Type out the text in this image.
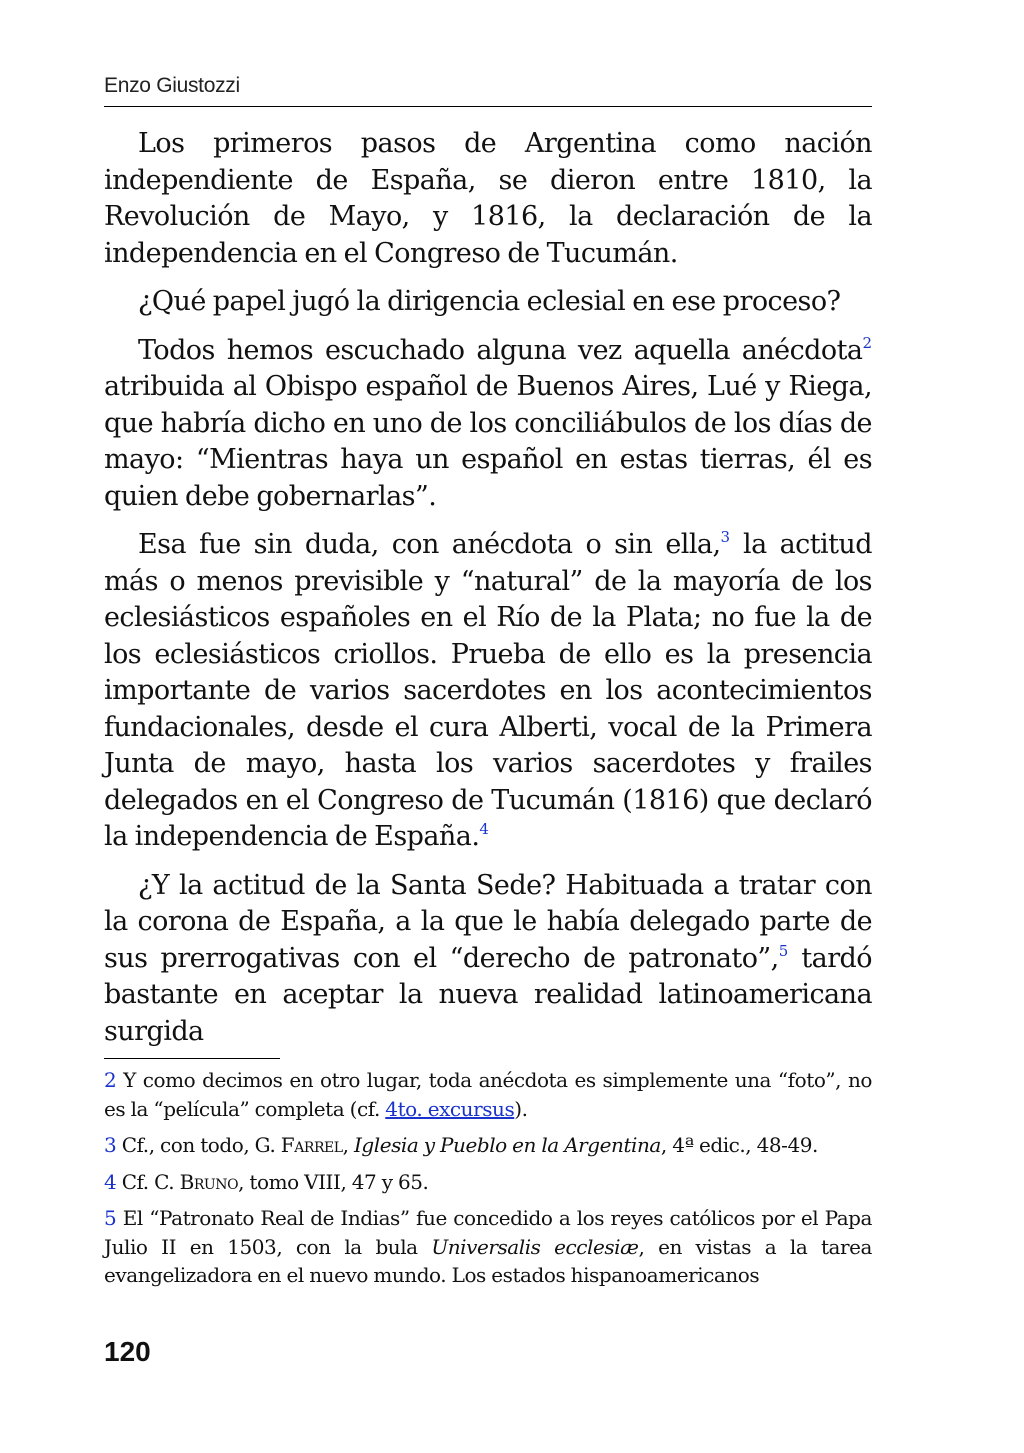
Enzo Giustozzi

Los primeros pasos de Argentina como nación independiente de España, se dieron entre 1810, la Revolución de Mayo, y 1816, la declaración de la independencia en el Congreso de Tucumán.

¿Qué papel jugó la dirigencia eclesial en ese proceso?

Todos hemos escuchado alguna vez aquella anécdota$^2$ atribuida al Obispo español de Buenos Aires, Lué y Riega, que habría dicho en uno de los conciliábulos de los días de mayo: “Mientras haya un español en estas tierras, él es quien debe gobernarlas”.

Esa fue sin duda, con anécdota o sin ella,$^3$ la actitud más o menos previsible y “natural” de la mayoría de los eclesiásticos españoles en el Río de la Plata; no fue la de los eclesiásticos criollos. Prueba de ello es la presencia importante de varios sacerdotes en los acontecimientos fundacionales, desde el cura Alberti, vocal de la Primera Junta de mayo, hasta los varios sacerdotes y frailes delegados en el Congreso de Tucumán (1816) que declaró la independencia de España.$^4$

¿Y la actitud de la Santa Sede? Habituada a tratar con la corona de España, a la que le había delegado parte de sus prerrogativas con el “derecho de patronato”,$^5$ tardó bastante en aceptar la nueva realidad latinoamericana surgida

2 Y como decimos en otro lugar, toda anécdota es simplemente una “foto”, no es la “película” completa (cf. 4to. excursus).
3 Cf., con todo, G. Farrel, Iglesia y Pueblo en la Argentina, 4ª edic., 48-49.
4 Cf. C. Bruno, tomo VIII, 47 y 65.
5 El “Patronato Real de Indias” fue concedido a los reyes católicos por el Papa Julio II en 1503, con la bula Universalis ecclesiæ, en vistas a la tarea evangelizadora en el nuevo mundo. Los estados hispanoamericanos
120
